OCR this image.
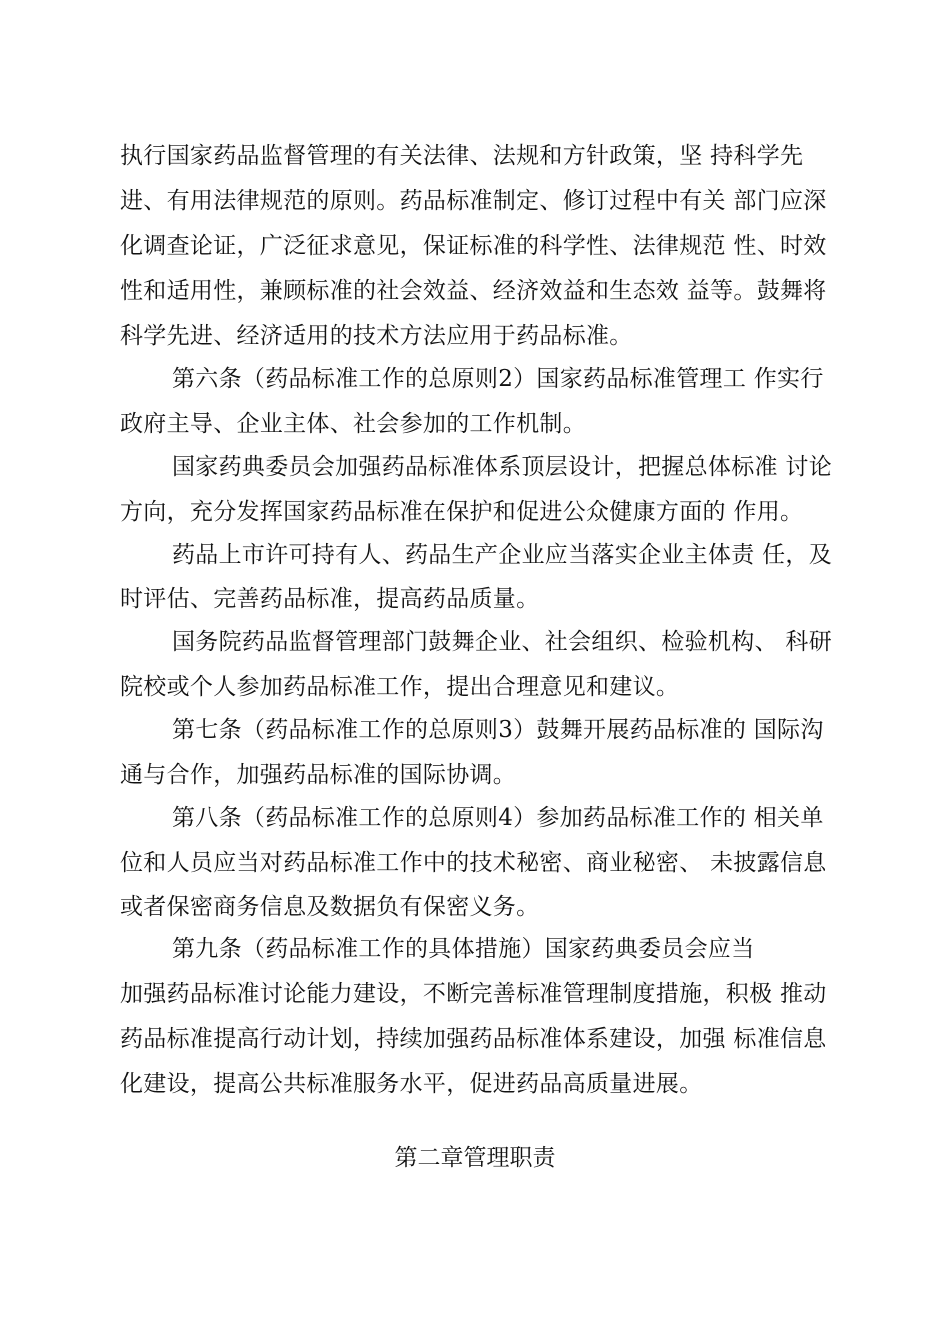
执行国家药品监督管理的有关法律、法规和方针政策，坚 持科学先
进、有用法律规范的原则。药品标准制定、修订过程中有关 部门应深
化调查论证，广泛征求意见，保证标准的科学性、法律规范 性、时效
性和适用性，兼顾标准的社会效益、经济效益和生态效 益等。鼓舞将
科学先进、经济适用的技术方法应用于药品标准。
第六条（药品标准工作的总原则2）国家药品标准管理工 作实行
政府主导、企业主体、社会参加的工作机制。
国家药典委员会加强药品标准体系顶层设计，把握总体标准 讨论
方向，充分发挥国家药品标准在保护和促进公众健康方面的 作用。
药品上市许可持有人、药品生产企业应当落实企业主体责 任，及
时评估、完善药品标准，提高药品质量。
国务院药品监督管理部门鼓舞企业、社会组织、检验机构、 科研
院校或个人参加药品标准工作，提出合理意见和建议。
第七条（药品标准工作的总原则3）鼓舞开展药品标准的 国际沟
通与合作，加强药品标准的国际协调。
第八条（药品标准工作的总原则4）参加药品标准工作的 相关单
位和人员应当对药品标准工作中的技术秘密、商业秘密、 未披露信息
或者保密商务信息及数据负有保密义务。
第九条（药品标准工作的具体措施）国家药典委员会应当
加强药品标准讨论能力建设，不断完善标准管理制度措施，积极 推动
药品标准提高行动计划，持续加强药品标准体系建设，加强 标准信息
化建设，提高公共标准服务水平，促进药品高质量进展。
第二章管理职责
